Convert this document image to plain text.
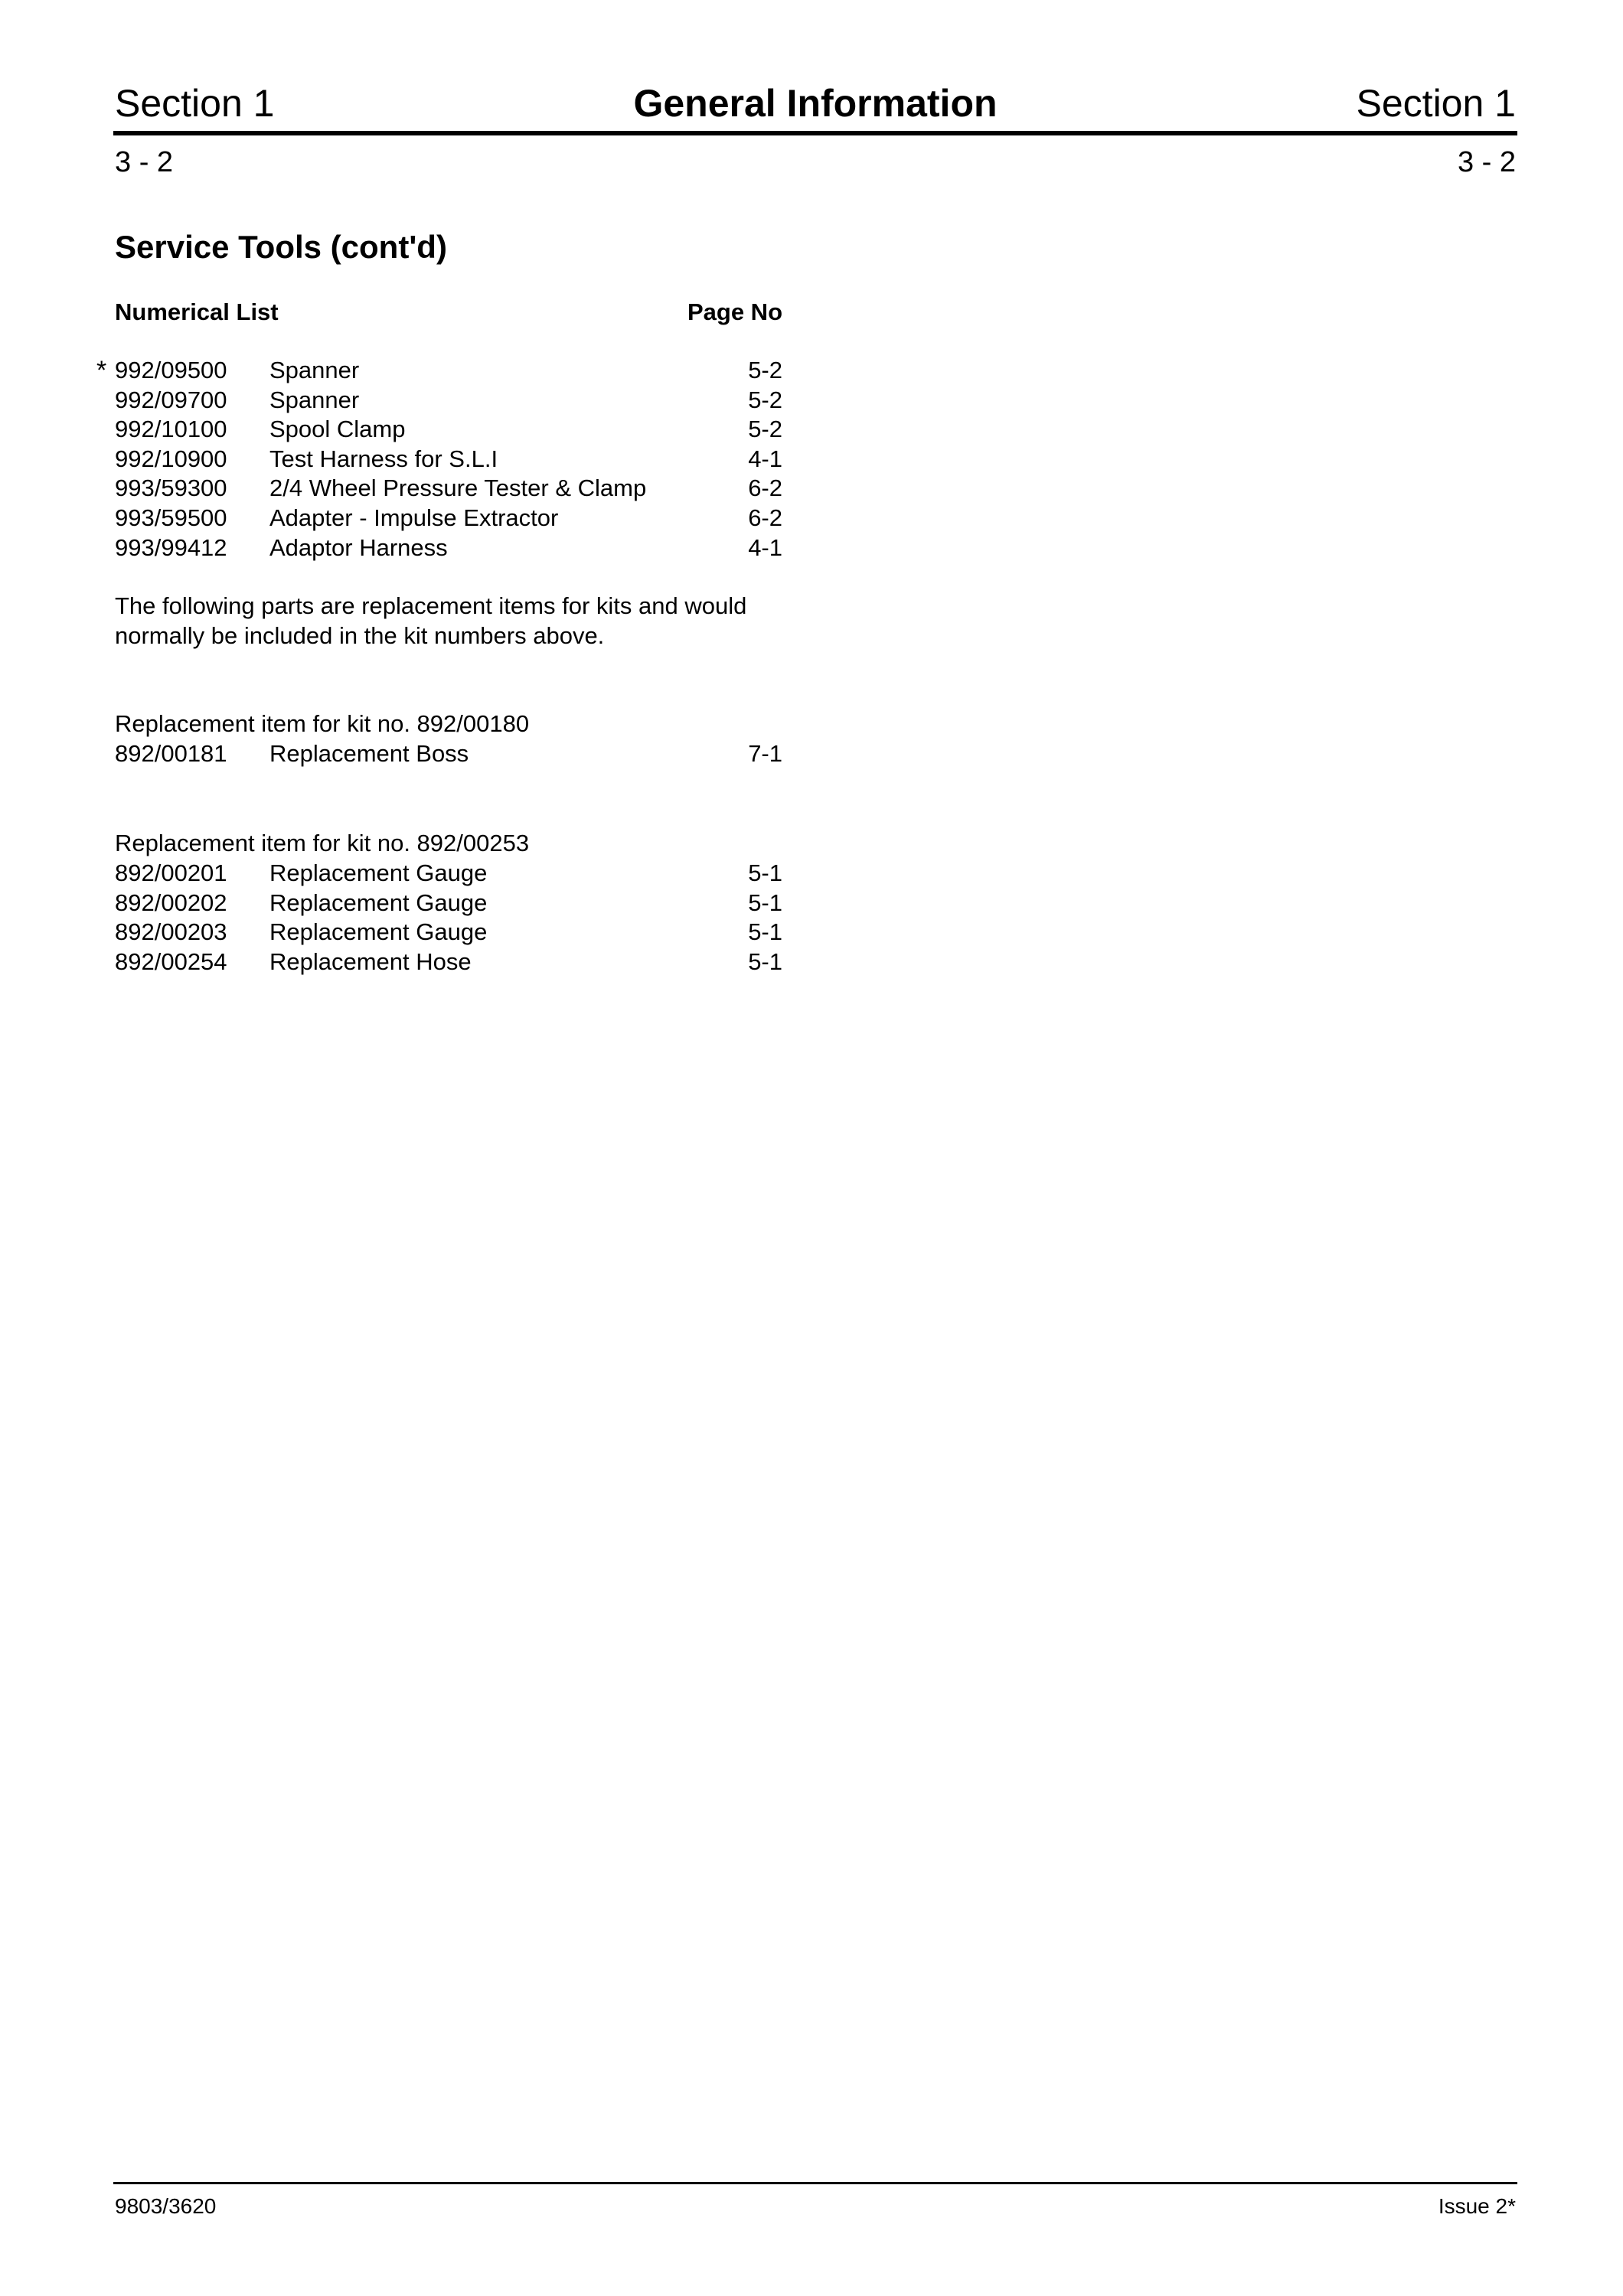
Section 1	General Information	Section 1
3 - 2	3 - 2
Service Tools (cont'd)
Numerical List	Page No
* 992/09500 Spanner	5-2
992/09700 Spanner	5-2
992/10100 Spool Clamp	5-2
992/10900 Test Harness for S.L.I	4-1
993/59300 2/4 Wheel Pressure Tester & Clamp	6-2
993/59500 Adapter - Impulse Extractor	6-2
993/99412 Adaptor Harness	4-1
The following parts are replacement items for kits and would normally be included in the kit numbers above.
Replacement item for kit no. 892/00180
892/00181 Replacement Boss	7-1
Replacement item for kit no. 892/00253
892/00201 Replacement Gauge	5-1
892/00202 Replacement Gauge	5-1
892/00203 Replacement Gauge	5-1
892/00254 Replacement Hose	5-1
9803/3620	Issue 2*
